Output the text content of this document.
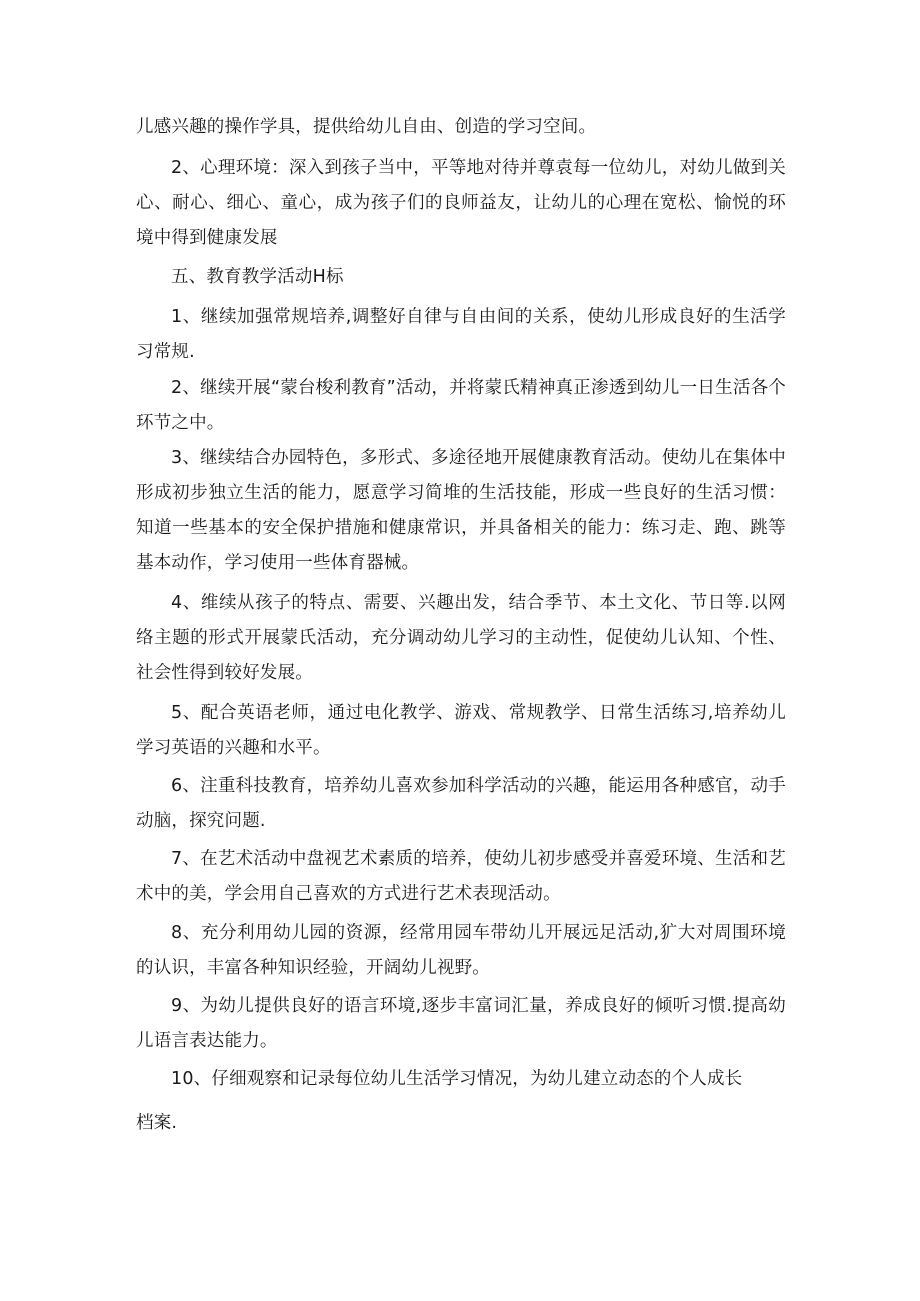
儿感兴趣的操作学具，提供给幼儿自由、创造的学习空间。

2、心理环境：深入到孩子当中，平等地对待并尊袁每一位幼儿，对幼儿做到关心、耐心、细心、童心，成为孩子们的良师益友，让幼儿的心理在宽松、愉悦的环境中得到健康发展

五、教育教学活动H标

1、继续加强常规培养,调整好自律与自由间的关系，使幼儿形成良好的生活学习常规.

2、继续开展“蒙台梭利教育”活动，并将蒙氏精神真正渗透到幼儿一日生活各个环节之中。

3、继续结合办园特色，多形式、多途径地开展健康教育活动。使幼儿在集体中形成初步独立生活的能力，愿意学习简堆的生活技能，形成一些良好的生活习惯：知道一些基本的安全保护措施和健康常识，并具备相关的能力：练习走、跑、跳等基本动作，学习使用一些体育器械。

4、维续从孩子的特点、需要、兴趣出发，结合季节、本土文化、节日等.以网络主题的形式开展蒙氏活动，充分调动幼儿学习的主动性，促使幼儿认知、个性、社会性得到较好发展。

5、配合英语老师，通过电化教学、游戏、常规教学、日常生活练习,培养幼儿学习英语的兴趣和水平。

6、注重科技教育，培养幼儿喜欢参加科学活动的兴趣，能运用各种感官，动手动脑，探究问题.

7、在艺术活动中盘视艺术素质的培养，使幼儿初步感受并喜爱环境、生活和艺术中的美，学会用自己喜欢的方式进行艺术表现活动。

8、充分利用幼儿园的资源，经常用园车带幼儿开展远足活动,犷大对周围环境的认识，丰富各种知识经验，开阔幼儿视野。

9、为幼儿提供良好的语言环境,逐步丰富词汇量，养成良好的倾听习惯.提高幼儿语言表达能力。

10、仔细观察和记录每位幼儿生活学习情况，为幼儿建立动态的个人成长

档案.
